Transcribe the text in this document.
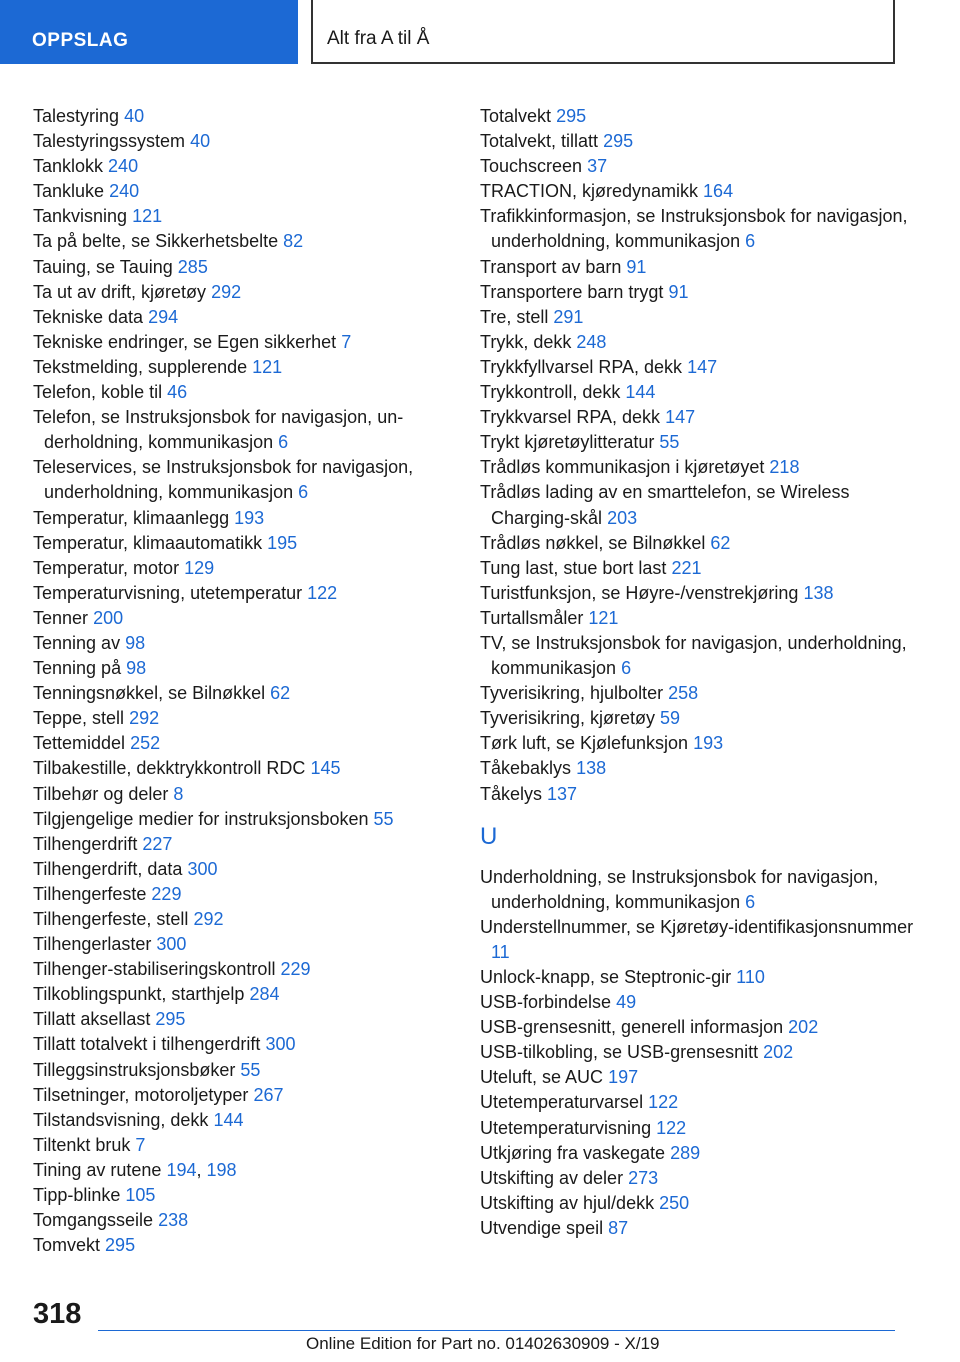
OPPSLAG	Alt fra A til Å

Talestyring 40

Talestyringssystem 40

Tanklokk 240

Tankluke 240

Tankvisning 121

Ta på belte, se Sikkerhetsbelte 82

Tauing, se Tauing 285

Ta ut av drift, kjøretøy 292

Tekniske data 294

Tekniske endringer, se Egen sikkerhet 7

Tekstmelding, supplerende 121

Telefon, koble til 46

Telefon, se Instruksjonsbok for navigasjon, underholdning, kommunikasjon 6

Teleservices, se Instruksjonsbok for navigasjon, underholdning, kommunikasjon 6

Temperatur, klimaanlegg 193

Temperatur, klimaautomatikk 195

Temperatur, motor 129

Temperaturvisning, utetemperatur 122

Tenner 200

Tenning av 98

Tenning på 98

Tenningsnøkkel, se Bilnøkkel 62

Teppe, stell 292

Tettemiddel 252

Tilbakestille, dekktrykkontroll RDC 145

Tilbehør og deler 8

Tilgjengelige medier for instruksjonsboken 55

Tilhengerdrift 227

Tilhengerdrift, data 300

Tilhengerfeste 229

Tilhengerfeste, stell 292

Tilhengerlaster 300

Tilhenger-stabiliseringskontroll 229

Tilkoblingspunkt, starthjelp 284

Tillatt aksellast 295

Tillatt totalvekt i tilhengerdrift 300

Tilleggsinstruksjonsbøker 55

Tilsetninger, motoroljetyper 267

Tilstandsvisning, dekk 144

Tiltenkt bruk 7

Tining av rutene 194, 198

Tipp-blinke 105

Tomgangsseile 238

Tomvekt 295

Totalvekt 295

Totalvekt, tillatt 295

Touchscreen 37

TRACTION, kjøredynamikk 164

Trafikkinformasjon, se Instruksjonsbok for navigasjon, underholdning, kommunikasjon 6

Transport av barn 91

Transportere barn trygt 91

Tre, stell 291

Trykk, dekk 248

Trykkfyllvarsel RPA, dekk 147

Trykkontroll, dekk 144

Trykkvarsel RPA, dekk 147

Trykt kjøretøylitteratur 55

Trådløs kommunikasjon i kjøretøyet 218

Trådløs lading av en smarttelefon, se Wireless Charging-skål 203

Trådløs nøkkel, se Bilnøkkel 62

Tung last, stue bort last 221

Turistfunksjon, se Høyre-/venstrekjøring 138

Turtallsmåler 121

TV, se Instruksjonsbok for navigasjon, underholdning, kommunikasjon 6

Tyverisikring, hjulbolter 258

Tyverisikring, kjøretøy 59

Tørk luft, se Kjølefunksjon 193

Tåkebaklys 138

Tåkelys 137

U

Underholdning, se Instruksjonsbok for navigasjon, underholdning, kommunikasjon 6

Understellnummer, se Kjøretøy-identifikasjonsnummer 11

Unlock-knapp, se Steptronic-gir 110

USB-forbindelse 49

USB-grensesnitt, generell informasjon 202

USB-tilkobling, se USB-grensesnitt 202

Uteluft, se AUC 197

Utetemperaturvarsel 122

Utetemperaturvisning 122

Utkjøring fra vaskegate 289

Utskifting av deler 273

Utskifting av hjul/dekk 250

Utvendige speil 87

318
Online Edition for Part no. 01402630909 - X/19
